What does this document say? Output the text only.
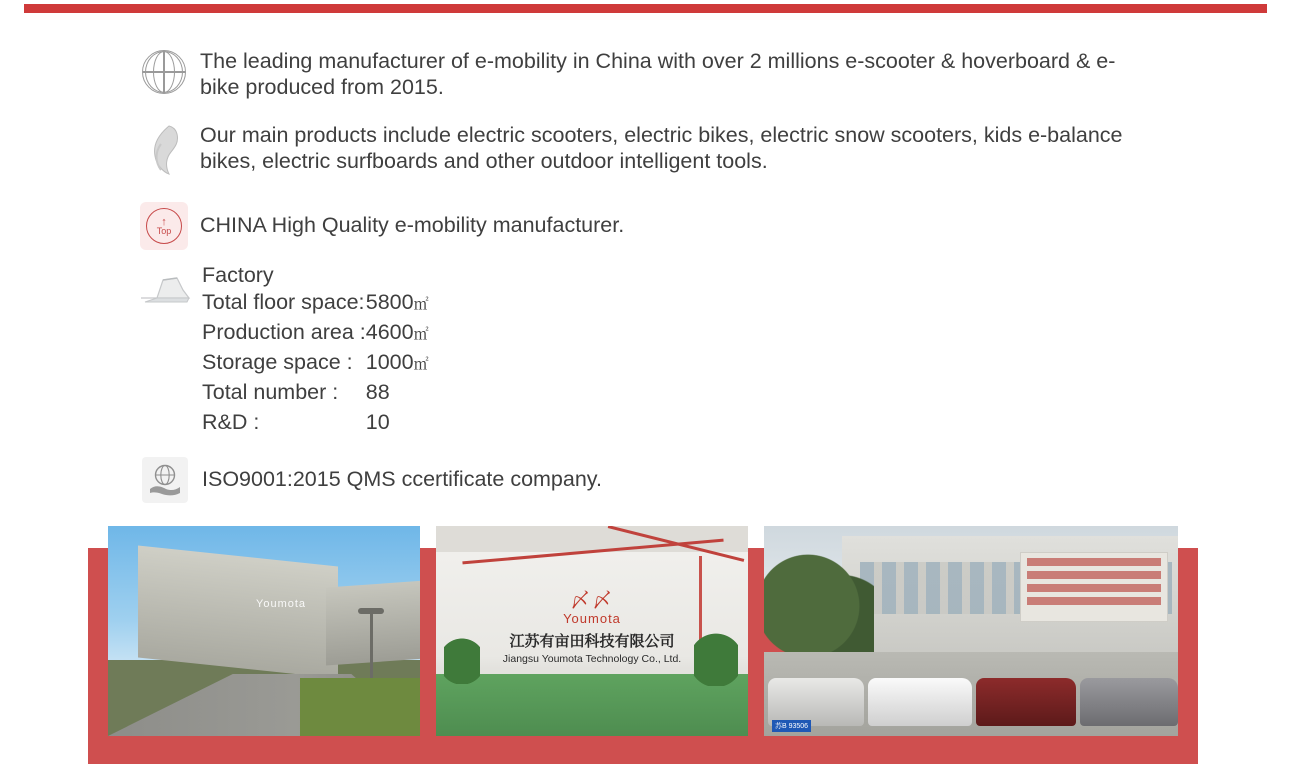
The leading manufacturer of e-mobility in China with over 2 millions e-scooter & hoverboard & e-bike produced from 2015.
Our main products include electric scooters, electric bikes, electric snow scooters, kids e-balance bikes, electric surfboards and other outdoor intelligent tools.
↑
Top CHINA High Quality e-mobility manufacturer.
Factory
Total floor space:	5800㎡
Production area :	4600㎡
Storage space :	1000㎡
Total number :	88
R&D :	10
ISO9001:2015 QMS ccertificate company.
Youmota	〆〆
Youmota
江苏有亩田科技有限公司
Jiangsu Youmota Technology Co., Ltd.
苏B 93506
